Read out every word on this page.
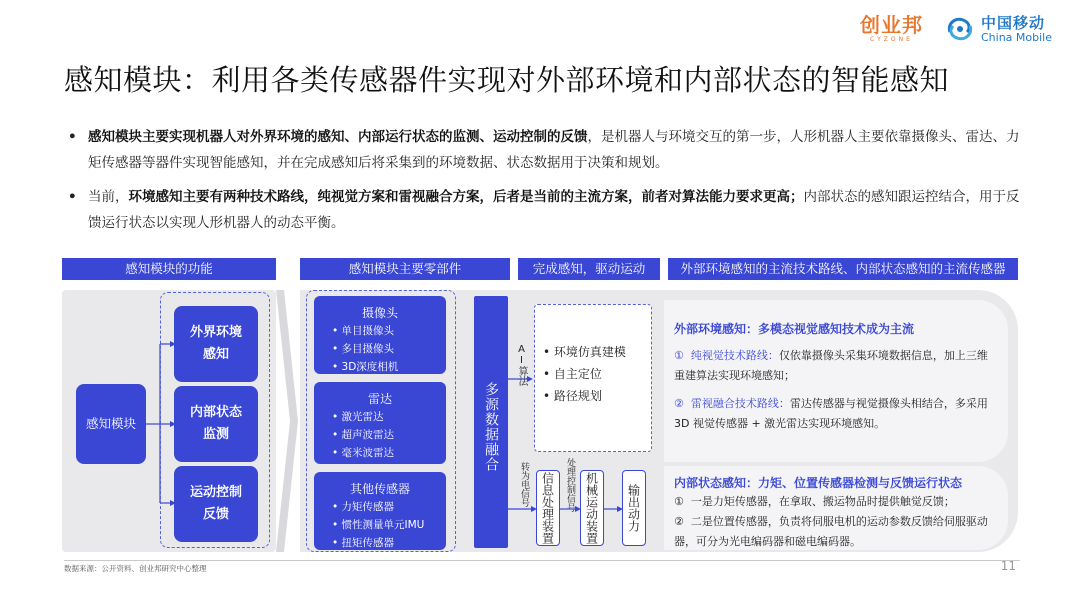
创业邦
CYZONE
中国移动
China Mobile
感知模块：利用各类传感器件实现对外部环境和内部状态的智能感知
• 感知模块主要实现机器人对外界环境的感知、内部运行状态的监测、运动控制的反馈，是机器人与环境交互的第一步，人形机器人主要依靠摄像头、雷达、力矩传感器等器件实现智能感知，并在完成感知后将采集到的环境数据、状态数据用于决策和规划。
• 当前，环境感知主要有两种技术路线，纯视觉方案和雷视融合方案，后者是当前的主流方案，前者对算法能力要求更高；内部状态的感知跟运控结合，用于反馈运行状态以实现人形机器人的动态平衡。
感知模块的功能	感知模块主要零部件	完成感知，驱动运动	外部环境感知的主流技术路线、内部状态感知的主流传感器
感知模块
外界环境
感知
内部状态
监测
运动控制
反馈
摄像头
• 单目摄像头
• 多目摄像头
• 3D深度相机
雷达
• 激光雷达
• 超声波雷达
• 毫米波雷达
其他传感器
• 力矩传感器
• 惯性测量单元IMU
• 扭矩传感器
多源数据融合
AI算法 • 环境仿真建模
• 自主定位
• 路径规划
转为电信号 信息处理装置 处理控制信号 机械运动装置 输出动力
外部环境感知：多模态视觉感知技术成为主流
① 纯视觉技术路线：仅依靠摄像头采集环境数据信息，加上三维重建算法实现环境感知；
② 雷视融合技术路线：雷达传感器与视觉摄像头相结合，多采用3D 视觉传感器 + 激光雷达实现环境感知。
内部状态感知：力矩、位置传感器检测与反馈运行状态
① 一是力矩传感器，在拿取、搬运物品时提供触觉反馈；
② 二是位置传感器，负责将伺服电机的运动参数反馈给伺服驱动器，可分为光电编码器和磁电编码器。
数据来源：公开资料、创业邦研究中心整理	11
